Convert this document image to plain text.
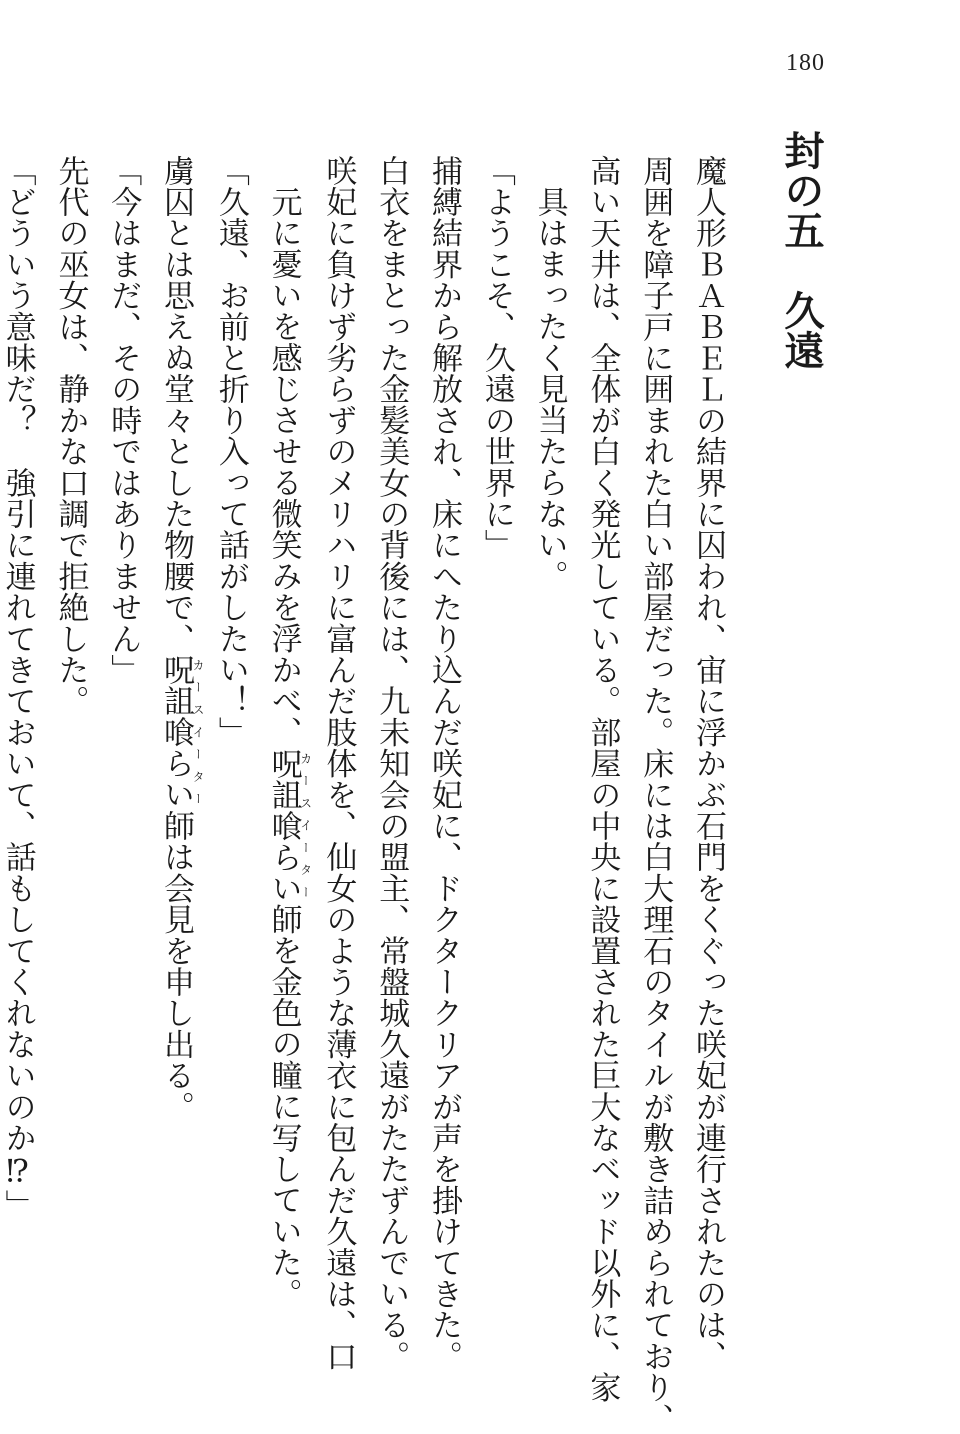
180
封の五　久遠

魔人形ＢＡＢＥＬの結界に囚われ、宙に浮かぶ石門をくぐった咲妃が連行されたのは、

周囲を障子戸に囲まれた白い部屋だった。床には白大理石のタイルが敷き詰められており、

高い天井は、全体が白く発光している。部屋の中央に設置された巨大なベッド以外に、家

具はまったく見当たらない。

「ようこそ、久遠の世界に」

捕縛結界から解放され、床にへたり込んだ咲妃に、ドクタークリアが声を掛けてきた。

白衣をまとった金髪美女の背後には、九未知会の盟主、常盤城久遠がたたずんでいる。

咲妃に負けず劣らずのメリハリに富んだ肢体を、仙女のような薄衣に包んだ久遠は、口

元に憂いを感じさせる微笑みを浮かべ、呪詛喰らいカースイーター師を金色の瞳に写していた。

「久遠、お前と折り入って話がしたい！」

虜囚とは思えぬ堂々とした物腰で、呪詛喰らいカースイーター師は会見を申し出る。

「今はまだ、その時ではありません」

先代の巫女は、静かな口調で拒絶した。

「どういう意味だ？　強引に連れてきておいて、話もしてくれないのか⁉」
